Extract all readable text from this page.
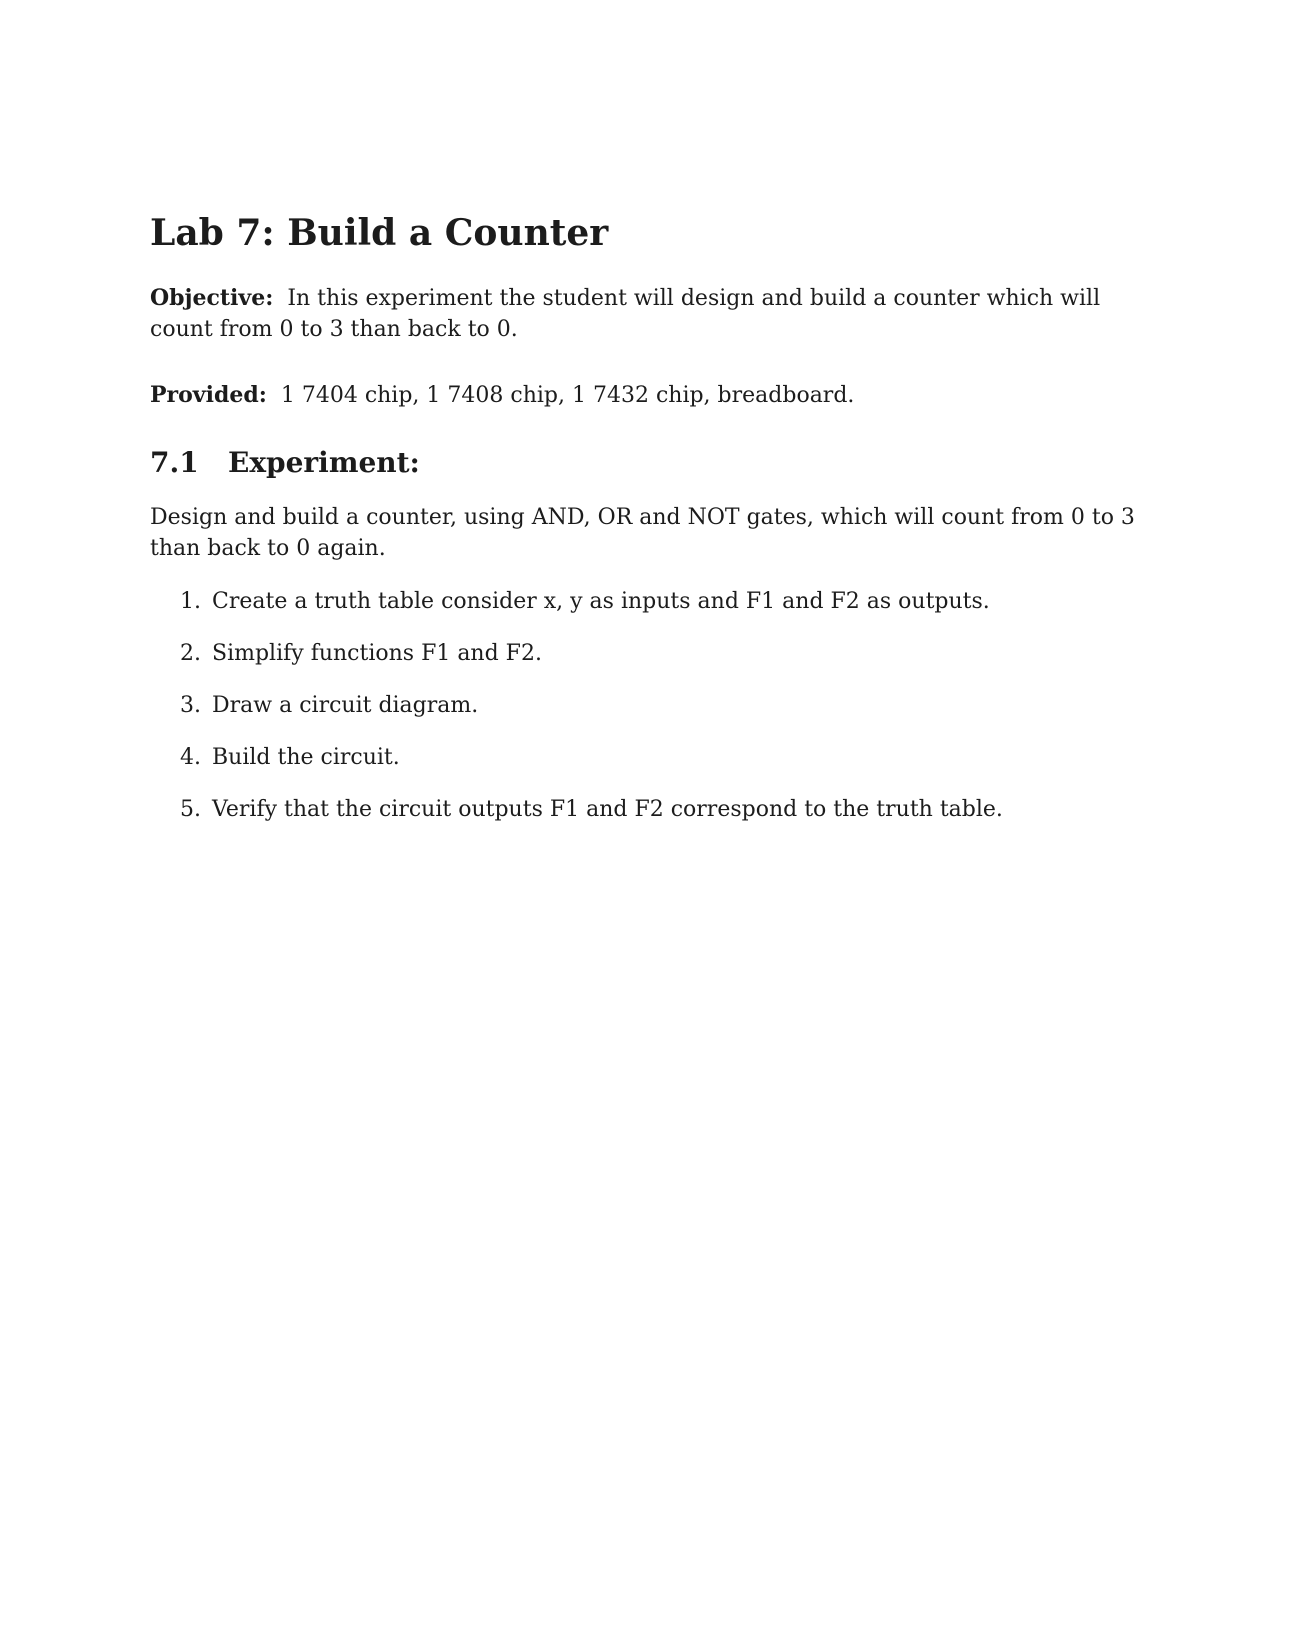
Lab 7: Build a Counter

Objective: In this experiment the student will design and build a counter which will count from 0 to 3 than back to 0.

Provided: 1 7404 chip, 1 7408 chip, 1 7432 chip, breadboard.

7.1 Experiment:

Design and build a counter, using AND, OR and NOT gates, which will count from 0 to 3 than back to 0 again.

1. Create a truth table consider x, y as inputs and F1 and F2 as outputs.
2. Simplify functions F1 and F2.
3. Draw a circuit diagram.
4. Build the circuit.
5. Verify that the circuit outputs F1 and F2 correspond to the truth table.
